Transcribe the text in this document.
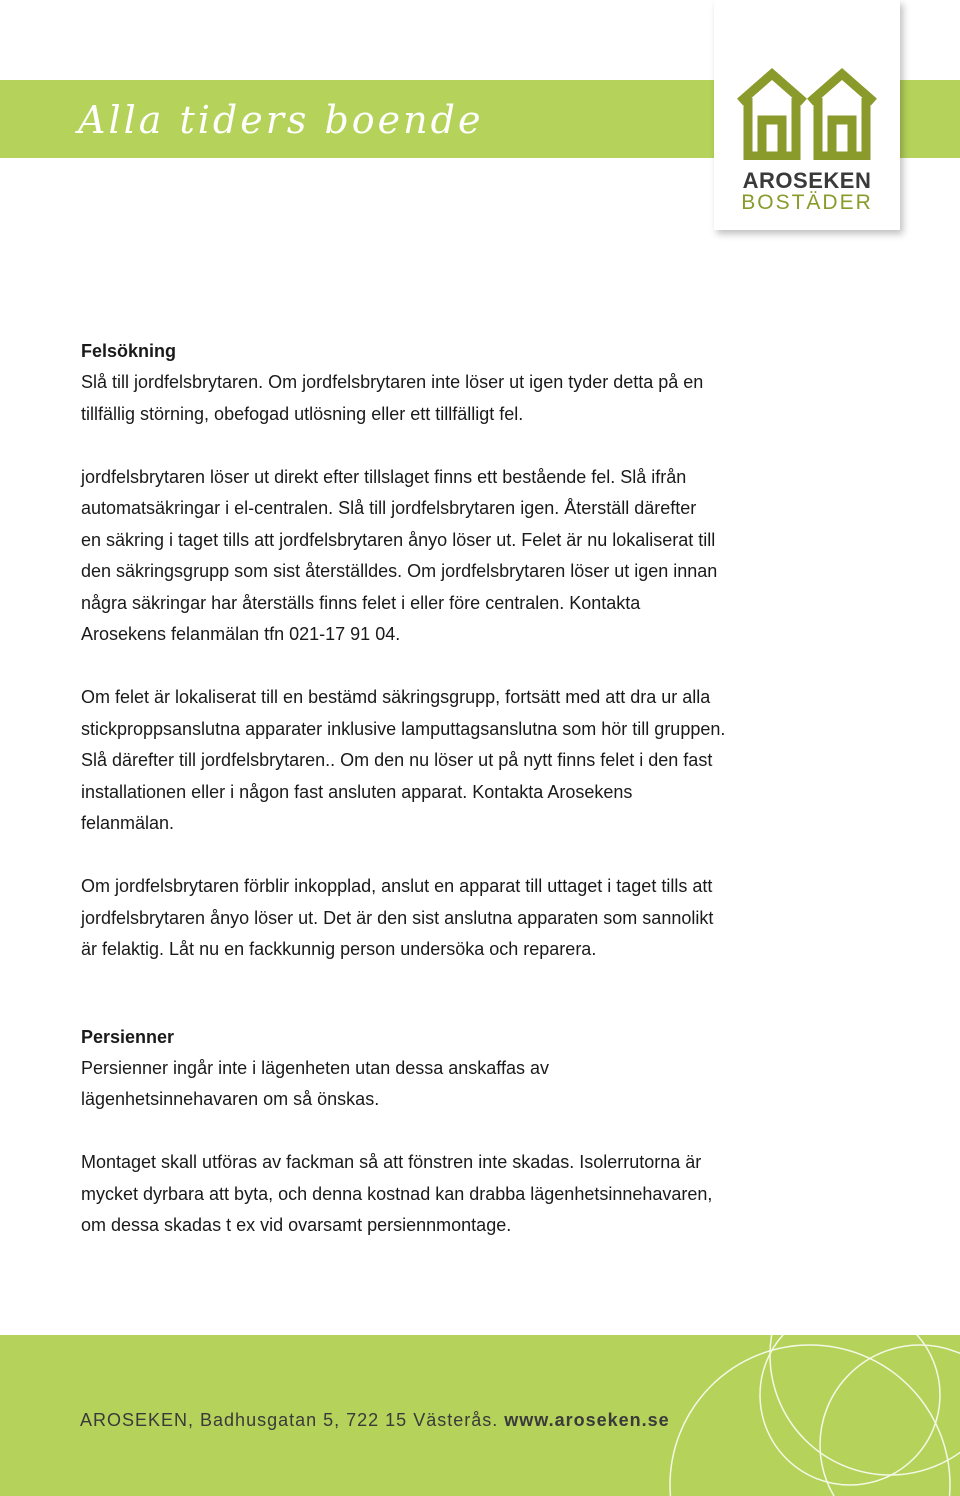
Alla tiders boende
AROSEKEN
BOSTÄDER
Felsökning
Slå till jordfelsbrytaren. Om jordfelsbrytaren inte löser ut igen tyder detta på en
tillfällig störning, obefogad utlösning eller ett tillfälligt fel.
jordfelsbrytaren löser ut direkt efter tillslaget finns ett bestående fel. Slå ifrån
automatsäkringar i el-centralen. Slå till jordfelsbrytaren igen. Återställ därefter
en säkring i taget tills att jordfelsbrytaren ånyo löser ut. Felet är nu lokaliserat till
den säkringsgrupp som sist återställdes. Om jordfelsbrytaren löser ut igen innan
några säkringar har återställs finns felet i eller före centralen. Kontakta
Arosekens felanmälan tfn 021-17 91 04.
Om felet är lokaliserat till en bestämd säkringsgrupp, fortsätt med att dra ur alla
stickproppsanslutna apparater inklusive lamputtagsanslutna som hör till gruppen.
Slå därefter till jordfelsbrytaren.. Om den nu löser ut på nytt finns felet i den fast
installationen eller i någon fast ansluten apparat. Kontakta Arosekens
felanmälan.
Om jordfelsbrytaren förblir inkopplad, anslut en apparat till uttaget i taget tills att
jordfelsbrytaren ånyo löser ut. Det är den sist anslutna apparaten som sannolikt
är felaktig. Låt nu en fackkunnig person undersöka och reparera.
Persienner
Persienner ingår inte i lägenheten utan dessa anskaffas av
lägenhetsinnehavaren om så önskas.
Montaget skall utföras av fackman så att fönstren inte skadas. Isolerrutorna är
mycket dyrbara att byta, och denna kostnad kan drabba lägenhetsinnehavaren,
om dessa skadas t ex vid ovarsamt persiennmontage.
AROSEKEN, Badhusgatan 5, 722 15 Västerås. www.aroseken.se
